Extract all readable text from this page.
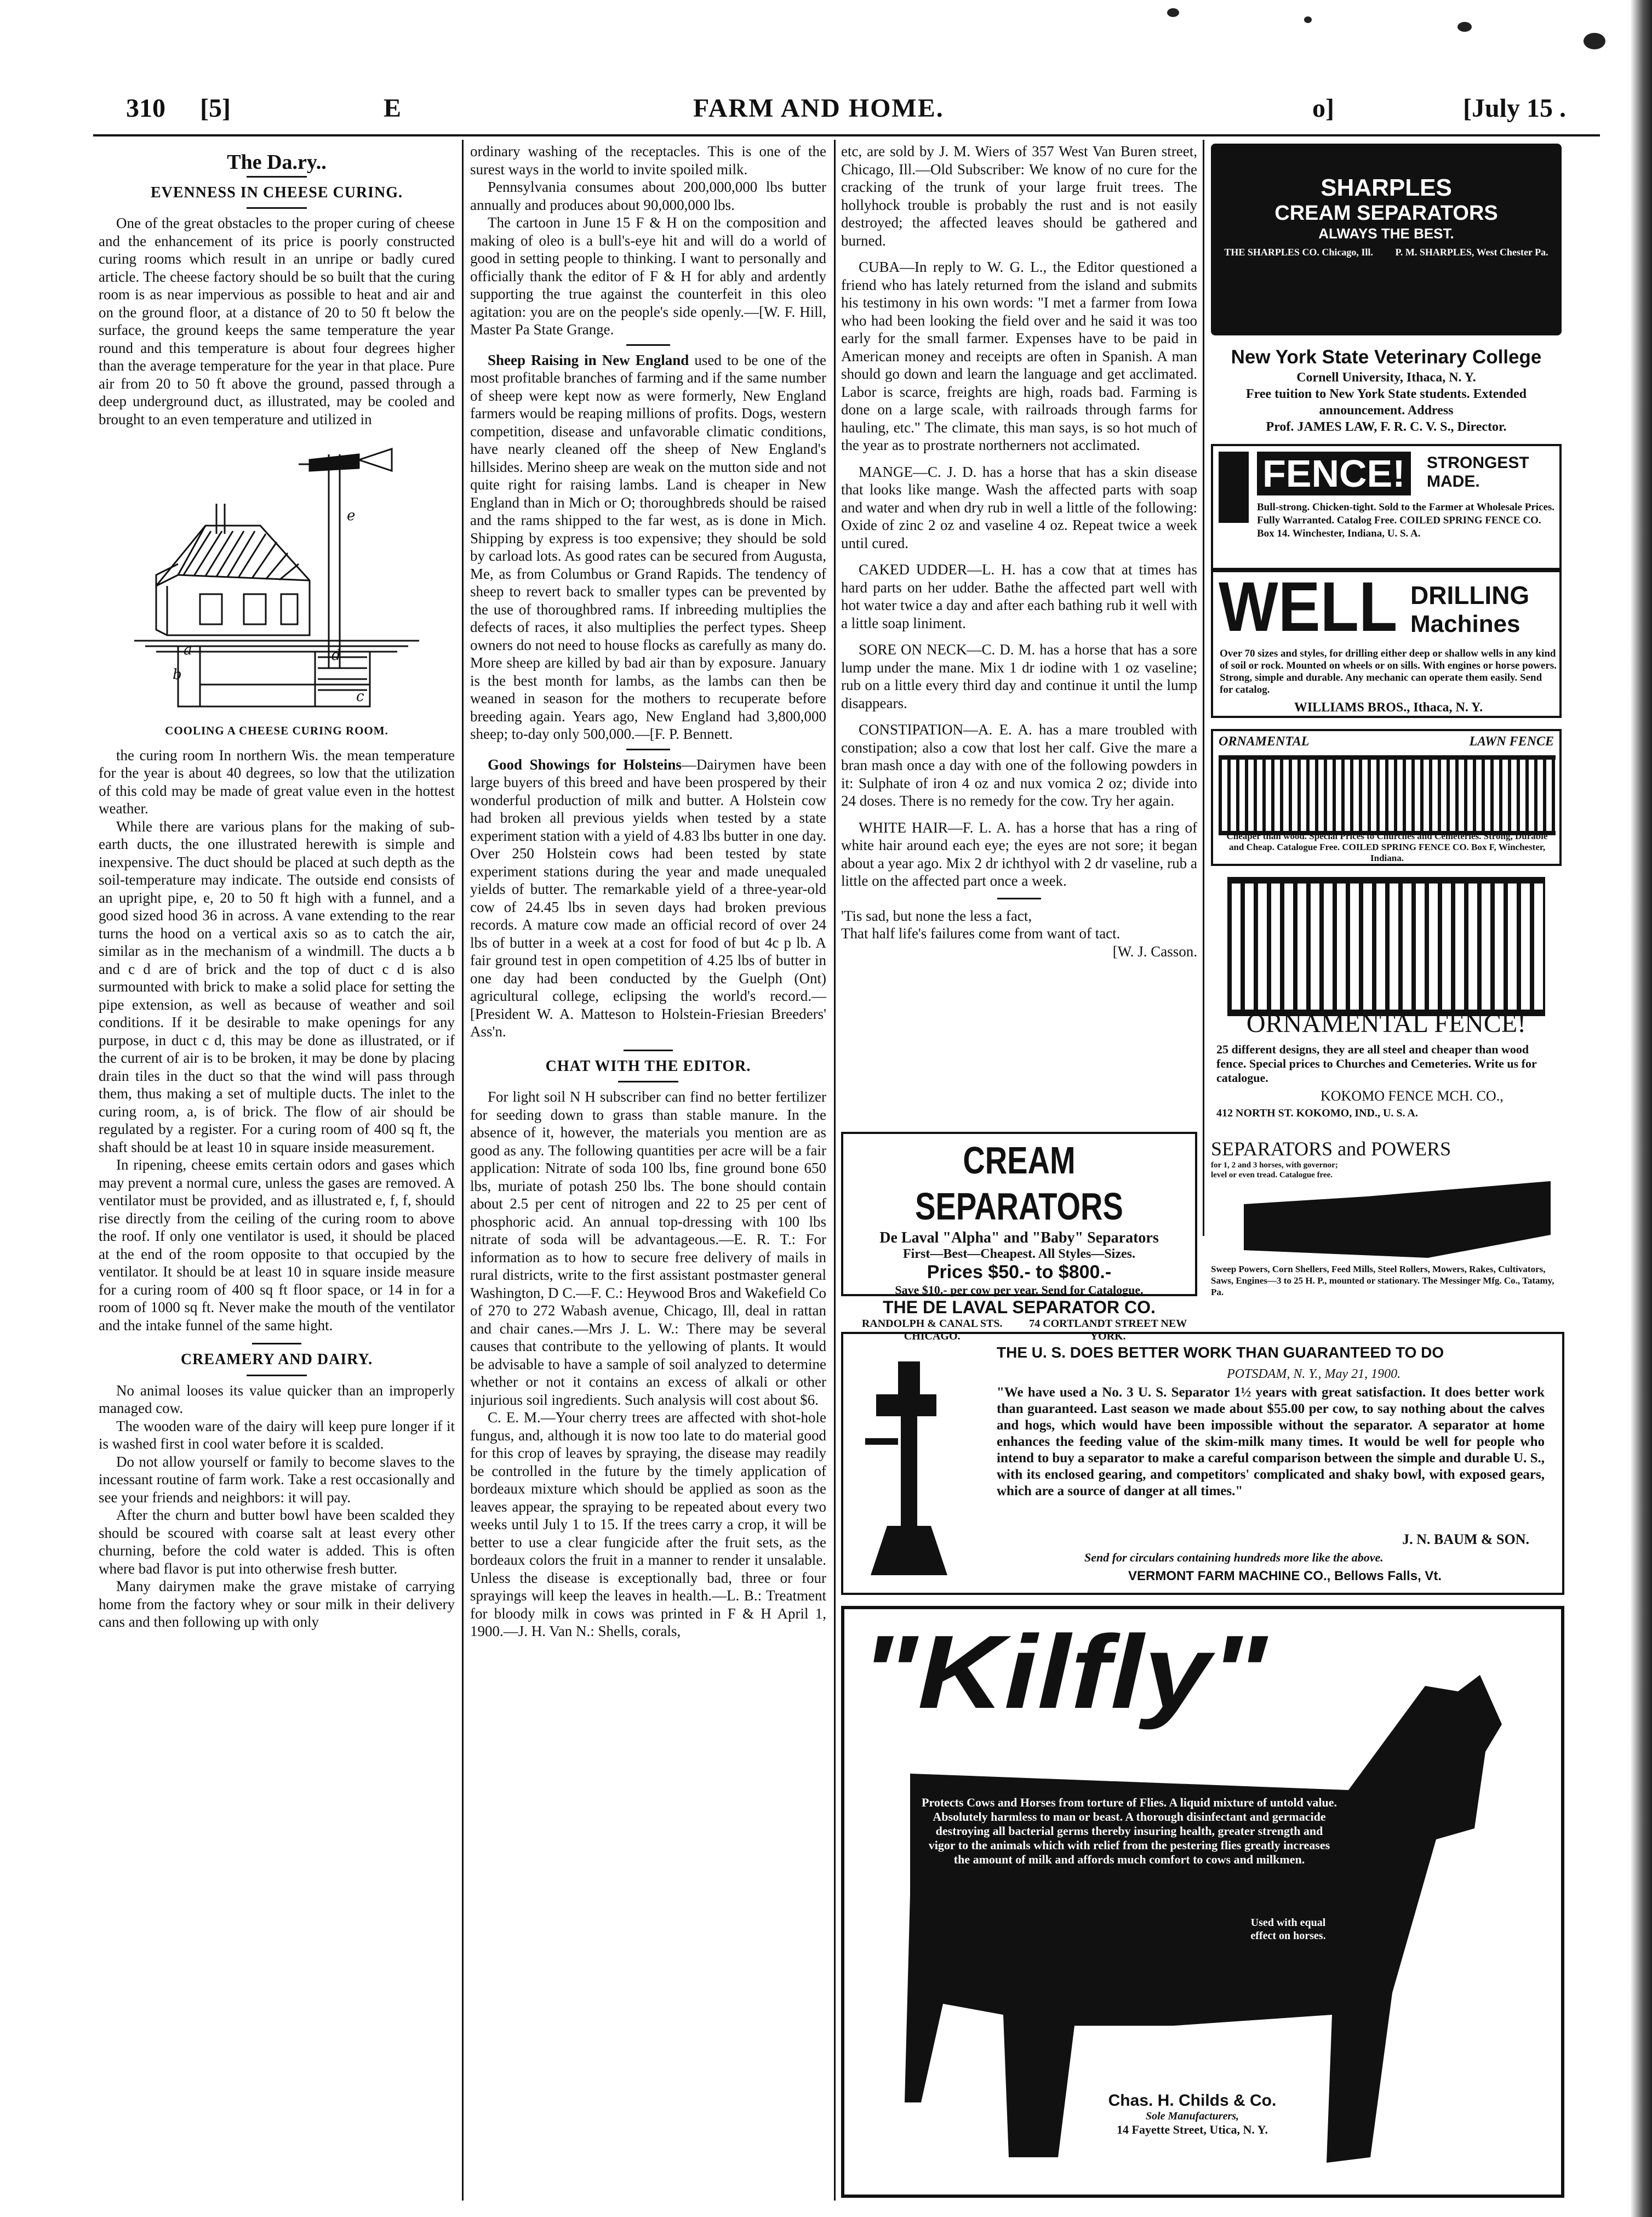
310 [5]	E	FARM AND HOME.	o]	[July 15 .
The Da.ry..
EVENNESS IN CHEESE CURING.

One of the great obstacles to the proper curing of cheese and the enhancement of its price is poorly constructed curing rooms which result in an unripe or badly cured article. The cheese factory should be so built that the curing room is as near impervious as possible to heat and air and on the ground floor, at a distance of 20 to 50 ft below the surface, the ground keeps the same temperature the year round and this temperature is about four degrees higher than the average temperature for the year in that place. Pure air from 20 to 50 ft above the ground, passed through a deep underground duct, as illustrated, may be cooled and brought to an even temperature and utilized in

e
d
b
c
a
COOLING A CHEESE CURING ROOM.

the curing room In northern Wis. the mean temperature for the year is about 40 degrees, so low that the utilization of this cold may be made of great value even in the hottest weather.

While there are various plans for the making of sub-earth ducts, the one illustrated herewith is simple and inexpensive. The duct should be placed at such depth as the soil-temperature may indicate. The outside end consists of an upright pipe, e, 20 to 50 ft high with a funnel, and a good sized hood 36 in across. A vane extending to the rear turns the hood on a vertical axis so as to catch the air, similar as in the mechanism of a windmill. The ducts a b and c d are of brick and the top of duct c d is also surmounted with brick to make a solid place for setting the pipe extension, as well as because of weather and soil conditions. If it be desirable to make openings for any purpose, in duct c d, this may be done as illustrated, or if the current of air is to be broken, it may be done by placing drain tiles in the duct so that the wind will pass through them, thus making a set of multiple ducts. The inlet to the curing room, a, is of brick. The flow of air should be regulated by a register. For a curing room of 400 sq ft, the shaft should be at least 10 in square inside measurement.

In ripening, cheese emits certain odors and gases which may prevent a normal cure, unless the gases are removed. A ventilator must be provided, and as illustrated e, f, f, should rise directly from the ceiling of the curing room to above the roof. If only one ventilator is used, it should be placed at the end of the room opposite to that occupied by the ventilator. It should be at least 10 in square inside measure for a curing room of 400 sq ft floor space, or 14 in for a room of 1000 sq ft. Never make the mouth of the ventilator and the intake funnel of the same hight.

CREAMERY AND DAIRY.

No animal looses its value quicker than an improperly managed cow.

The wooden ware of the dairy will keep pure longer if it is washed first in cool water before it is scalded.

Do not allow yourself or family to become slaves to the incessant routine of farm work. Take a rest occasionally and see your friends and neighbors: it will pay.

After the churn and butter bowl have been scalded they should be scoured with coarse salt at least every other churning, before the cold water is added. This is often where bad flavor is put into otherwise fresh butter.

Many dairymen make the grave mistake of carrying home from the factory whey or sour milk in their delivery cans and then following up with only

ordinary washing of the receptacles. This is one of the surest ways in the world to invite spoiled milk.

Pennsylvania consumes about 200,000,000 lbs butter annually and produces about 90,000,000 lbs.

The cartoon in June 15 F & H on the composition and making of oleo is a bull's-eye hit and will do a world of good in setting people to thinking. I want to personally and officially thank the editor of F & H for ably and ardently supporting the true against the counterfeit in this oleo agitation: you are on the people's side openly.—[W. F. Hill, Master Pa State Grange.

Sheep Raising in New England used to be one of the most profitable branches of farming and if the same number of sheep were kept now as were formerly, New England farmers would be reaping millions of profits. Dogs, western competition, disease and unfavorable climatic conditions, have nearly cleaned off the sheep of New England's hillsides. Merino sheep are weak on the mutton side and not quite right for raising lambs. Land is cheaper in New England than in Mich or O; thoroughbreds should be raised and the rams shipped to the far west, as is done in Mich. Shipping by express is too expensive; they should be sold by carload lots. As good rates can be secured from Augusta, Me, as from Columbus or Grand Rapids. The tendency of sheep to revert back to smaller types can be prevented by the use of thoroughbred rams. If inbreeding multiplies the defects of races, it also multiplies the perfect types. Sheep owners do not need to house flocks as carefully as many do. More sheep are killed by bad air than by exposure. January is the best month for lambs, as the lambs can then be weaned in season for the mothers to recuperate before breeding again. Years ago, New England had 3,800,000 sheep; to-day only 500,000.—[F. P. Bennett.

Good Showings for Holsteins—Dairymen have been large buyers of this breed and have been prospered by their wonderful production of milk and butter. A Holstein cow had broken all previous yields when tested by a state experiment station with a yield of 4.83 lbs butter in one day. Over 250 Holstein cows had been tested by state experiment stations during the year and made unequaled yields of butter. The remarkable yield of a three-year-old cow of 24.45 lbs in seven days had broken previous records. A mature cow made an official record of over 24 lbs of butter in a week at a cost for food of but 4c p lb. A fair ground test in open competition of 4.25 lbs of butter in one day had been conducted by the Guelph (Ont) agricultural college, eclipsing the world's record.—[President W. A. Matteson to Holstein-Friesian Breeders' Ass'n.

CHAT WITH THE EDITOR.

For light soil N H subscriber can find no better fertilizer for seeding down to grass than stable manure. In the absence of it, however, the materials you mention are as good as any. The following quantities per acre will be a fair application: Nitrate of soda 100 lbs, fine ground bone 650 lbs, muriate of potash 250 lbs. The bone should contain about 2.5 per cent of nitrogen and 22 to 25 per cent of phosphoric acid. An annual top-dressing with 100 lbs nitrate of soda will be advantageous.—E. R. T.: For information as to how to secure free delivery of mails in rural districts, write to the first assistant postmaster general Washington, D C.—F. C.: Heywood Bros and Wakefield Co of 270 to 272 Wabash avenue, Chicago, Ill, deal in rattan and chair canes.—Mrs J. L. W.: There may be several causes that contribute to the yellowing of plants. It would be advisable to have a sample of soil analyzed to determine whether or not it contains an excess of alkali or other injurious soil ingredients. Such analysis will cost about $6.

C. E. M.—Your cherry trees are affected with shot-hole fungus, and, although it is now too late to do material good for this crop of leaves by spraying, the disease may readily be controlled in the future by the timely application of bordeaux mixture which should be applied as soon as the leaves appear, the spraying to be repeated about every two weeks until July 1 to 15. If the trees carry a crop, it will be better to use a clear fungicide after the fruit sets, as the bordeaux colors the fruit in a manner to render it unsalable. Unless the disease is exceptionally bad, three or four sprayings will keep the leaves in health.—L. B.: Treatment for bloody milk in cows was printed in F & H April 1, 1900.—J. H. Van N.: Shells, corals,

etc, are sold by J. M. Wiers of 357 West Van Buren street, Chicago, Ill.—Old Subscriber: We know of no cure for the cracking of the trunk of your large fruit trees. The hollyhock trouble is probably the rust and is not easily destroyed; the affected leaves should be gathered and burned.

CUBA—In reply to W. G. L., the Editor questioned a friend who has lately returned from the island and submits his testimony in his own words: "I met a farmer from Iowa who had been looking the field over and he said it was too early for the small farmer. Expenses have to be paid in American money and receipts are often in Spanish. A man should go down and learn the language and get acclimated. Labor is scarce, freights are high, roads bad. Farming is done on a large scale, with railroads through farms for hauling, etc." The climate, this man says, is so hot much of the year as to prostrate northerners not acclimated.

MANGE—C. J. D. has a horse that has a skin disease that looks like mange. Wash the affected parts with soap and water and when dry rub in well a little of the following: Oxide of zinc 2 oz and vaseline 4 oz. Repeat twice a week until cured.

CAKED UDDER—L. H. has a cow that at times has hard parts on her udder. Bathe the affected part well with hot water twice a day and after each bathing rub it well with a little soap liniment.

SORE ON NECK—C. D. M. has a horse that has a sore lump under the mane. Mix 1 dr iodine with 1 oz vaseline; rub on a little every third day and continue it until the lump disappears.

CONSTIPATION—A. E. A. has a mare troubled with constipation; also a cow that lost her calf. Give the mare a bran mash once a day with one of the following powders in it: Sulphate of iron 4 oz and nux vomica 2 oz; divide into 24 doses. There is no remedy for the cow. Try her again.

WHITE HAIR—F. L. A. has a horse that has a ring of white hair around each eye; the eyes are not sore; it began about a year ago. Mix 2 dr ichthyol with 2 dr vaseline, rub a little on the affected part once a week.

'Tis sad, but none the less a fact,
That half life's failures come from want of tact.
[W. J. Casson.
CREAM SEPARATORS
De Laval "Alpha" and "Baby" Separators
First—Best—Cheapest. All Styles—Sizes.
Prices $50.- to $800.-
Save $10.- per cow per year. Send for Catalogue.
THE DE LAVAL SEPARATOR CO.
RANDOLPH & CANAL STS. CHICAGO.
74 CORTLANDT STREET NEW YORK.
SHARPLES
CREAM SEPARATORS
ALWAYS THE BEST.
THE SHARPLES CO. Chicago, Ill. P. M. SHARPLES, West Chester Pa.
New York State Veterinary College
Cornell University, Ithaca, N. Y.
Free tuition to New York State students. Extended announcement. Address
Prof. JAMES LAW, F. R. C. V. S., Director.
FENCE!	STRONGEST MADE.
Bull-strong. Chicken-tight. Sold to the Farmer at Wholesale Prices. Fully Warranted. Catalog Free. COILED SPRING FENCE CO. Box 14. Winchester, Indiana, U. S. A.
WELL DRILLING
Machines
Over 70 sizes and styles, for drilling either deep or shallow wells in any kind of soil or rock. Mounted on wheels or on sills. With engines or horse powers. Strong, simple and durable. Any mechanic can operate them easily. Send for catalog.
WILLIAMS BROS., Ithaca, N. Y.
ORNAMENTAL	LAWN FENCE
Cheaper than wood. Special Prices to Churches and Cemeteries. Strong, Durable and Cheap. Catalogue Free. COILED SPRING FENCE CO. Box F, Winchester, Indiana.
ORNAMENTAL FENCE!
25 different designs, they are all steel and cheaper than wood fence. Special prices to Churches and Cemeteries. Write us for catalogue.
KOKOMO FENCE MCH. CO.,
412 NORTH ST. KOKOMO, IND., U. S. A.
SEPARATORS and POWERS
for 1, 2 and 3 horses, with governor; level or even tread. Catalogue free.
Sweep Powers, Corn Shellers, Feed Mills, Steel Rollers, Mowers, Rakes, Cultivators, Saws, Engines—3 to 25 H. P., mounted or stationary. The Messinger Mfg. Co., Tatamy, Pa.
THE U. S. DOES BETTER WORK THAN GUARANTEED TO DO
POTSDAM, N. Y., May 21, 1900.
"We have used a No. 3 U. S. Separator 1½ years with great satisfaction. It does better work than guaranteed. Last season we made about $55.00 per cow, to say nothing about the calves and hogs, which would have been impossible without the separator. A separator at home enhances the feeding value of the skim-milk many times. It would be well for people who intend to buy a separator to make a careful comparison between the simple and durable U. S., with its enclosed gearing, and competitors' complicated and shaky bowl, with exposed gears, which are a source of danger at all times."
J. N. BAUM & SON.
Send for circulars containing hundreds more like the above.
VERMONT FARM MACHINE CO., Bellows Falls, Vt.
"Kilfly"
Protects Cows and Horses from torture of Flies. A liquid mixture of untold value. Absolutely harmless to man or beast. A thorough disinfectant and germacide destroying all bacterial germs thereby insuring health, greater strength and vigor to the animals which with relief from the pestering flies greatly increases the amount of milk and affords much comfort to cows and milkmen.
Used with equal effect on horses.
Easily and rapidly applied with CHILDS' ELECTRIC SPRAYER. Convenient and practical in every particular. Sold only in one gallon cans sealed with our KILFLY label and signature. Beware of imitations. Ask your dealer or send $1.00 for gallon can KILFLY, and sample of SPRAYER securely packed and express paid to any point east of Mississippi river, except in Maine.
Chas. H. Childs & Co.
Sole Manufacturers,
14 Fayette Street, Utica, N. Y.
